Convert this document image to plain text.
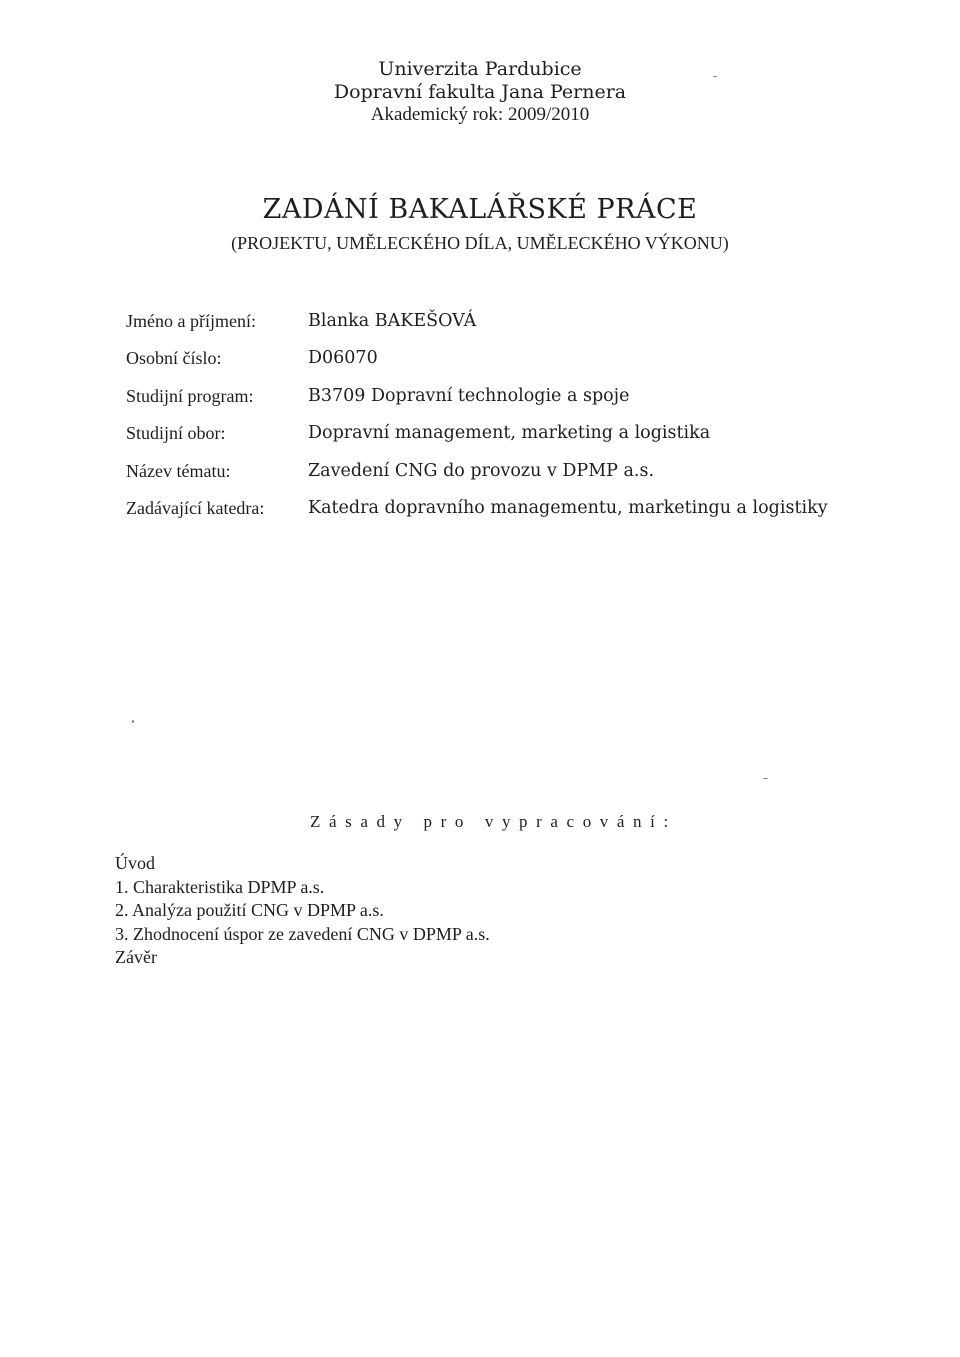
Univerzita Pardubice
Dopravní fakulta Jana Pernera
Akademický rok: 2009/2010
ZADÁNÍ BAKALÁŘSKÉ PRÁCE
(PROJEKTU, UMĚLECKÉHO DÍLA, UMĚLECKÉHO VÝKONU)
Jméno a příjmení:	Blanka BAKEŠOVÁ
Osobní číslo:	D06070
Studijní program:	B3709 Dopravní technologie a spoje
Studijní obor:	Dopravní management, marketing a logistika
Název tématu:	Zavedení CNG do provozu v DPMP a.s.
Zadávající katedra: Katedra dopravního managementu, marketingu a logistiky
Zásady pro vypracování:
Úvod
1. Charakteristika DPMP a.s.
2. Analýza použití CNG v DPMP a.s.
3. Zhodnocení úspor ze zavedení CNG v DPMP a.s.
Závěr
